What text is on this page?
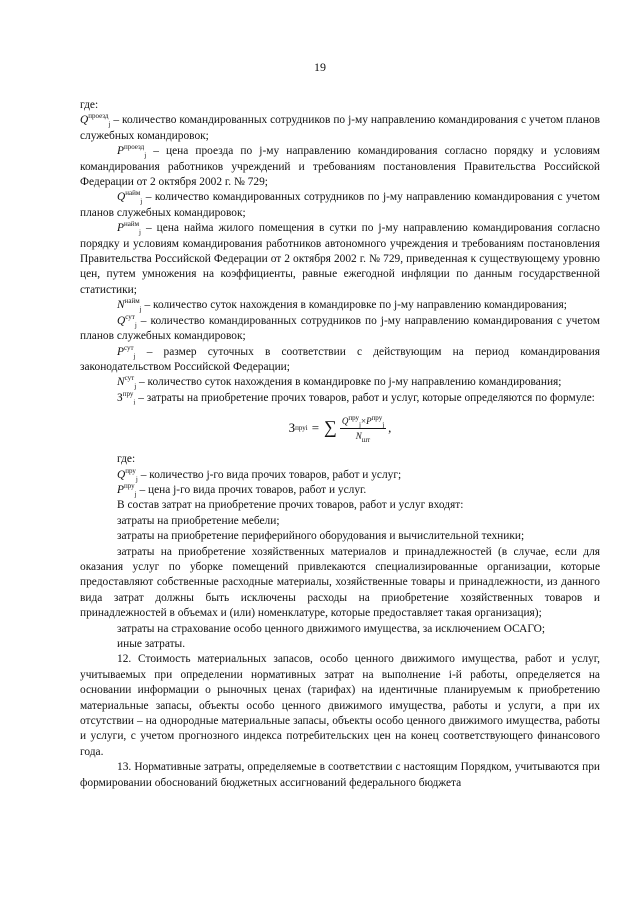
19

где:

$Q^{проезд}_j$ – количество командированных сотрудников по j-му направлению командирования с учетом планов служебных командировок;

$P^{проезд}_j$ – цена проезда по j-му направлению командирования согласно порядку и условиям командирования работников учреждений и требованиям постановления Правительства Российской Федерации от 2 октября 2002 г. № 729;

$Q^{найм}_j$ – количество командированных сотрудников по j-му направлению командирования с учетом планов служебных командировок;

$P^{найм}_j$ – цена найма жилого помещения в сутки по j-му направлению командирования согласно порядку и условиям командирования работников автономного учреждения и требованиям постановления Правительства Российской Федерации от 2 октября 2002 г. № 729, приведенная к существующему уровню цен, путем умножения на коэффициенты, равные ежегодной инфляции по данным государственной статистики;

$N^{найм}_j$ – количество суток нахождения в командировке по j-му направлению командирования;

$Q^{сут}_j$ – количество командированных сотрудников по j-му направлению командирования с учетом планов служебных командировок;

$P^{сут}_j$ – размер суточных в соответствии с действующим на период командирования законодательством Российской Федерации;

$N^{сут}_j$ – количество суток нахождения в командировке по j-му направлению командирования;

$З^{пру}_i$ – затраты на приобретение прочих товаров, работ и услуг, которые определяются по формуле:

З пру i = ∑ $\frac{Q^{пру}_j\times P^{пру}_j}{N_{шт}}$ ,

где:

$Q^{пру}_j$ – количество j-го вида прочих товаров, работ и услуг;

$P^{пру}_j$ – цена j-го вида прочих товаров, работ и услуг.

В состав затрат на приобретение прочих товаров, работ и услуг входят:

затраты на приобретение мебели;

затраты на приобретение периферийного оборудования и вычислительной техники;

затраты на приобретение хозяйственных материалов и принадлежностей (в случае, если для оказания услуг по уборке помещений привлекаются специализированные организации, которые предоставляют собственные расходные материалы, хозяйственные товары и принадлежности, из данного вида затрат должны быть исключены расходы на приобретение хозяйственных товаров и принадлежностей в объемах и (или) номенклатуре, которые предоставляет такая организация);

затраты на страхование особо ценного движимого имущества, за исключением ОСАГО;

иные затраты.

12. Стоимость материальных запасов, особо ценного движимого имущества, работ и услуг, учитываемых при определении нормативных затрат на выполнение i-й работы, определяется на основании информации о рыночных ценах (тарифах) на идентичные планируемым к приобретению материальные запасы, объекты особо ценного движимого имущества, работы и услуги, а при их отсутствии – на однородные материальные запасы, объекты особо ценного движимого имущества, работы и услуги, с учетом прогнозного индекса потребительских цен на конец соответствующего финансового года.

13. Нормативные затраты, определяемые в соответствии с настоящим Порядком, учитываются при формировании обоснований бюджетных ассигнований федерального бюджета
